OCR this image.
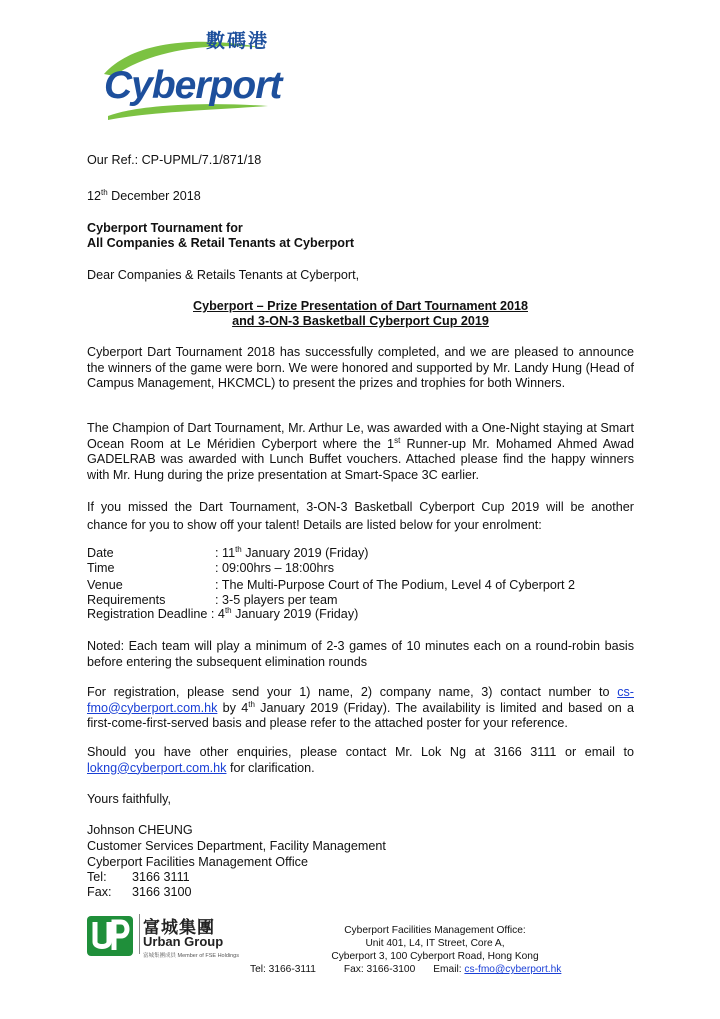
數碼港
Cyberport
Our Ref.: CP-UPML/7.1/871/18
12th December 2018
Cyberport Tournament for
All Companies & Retail Tenants at Cyberport
Dear Companies & Retails Tenants at Cyberport,
Cyberport – Prize Presentation of Dart Tournament 2018
and 3-ON-3 Basketball Cyberport Cup 2019
Cyberport Dart Tournament 2018 has successfully completed, and we are pleased to announce the winners of the game were born. We were honored and supported by Mr. Landy Hung (Head of Campus Management, HKCMCL) to present the prizes and trophies for both Winners.
The Champion of Dart Tournament, Mr. Arthur Le, was awarded with a One-Night staying at Smart Ocean Room at Le Méridien Cyberport where the 1st Runner-up Mr. Mohamed Ahmed Awad GADELRAB was awarded with Lunch Buffet vouchers. Attached please find the happy winners with Mr. Hung during the prize presentation at Smart-Space 3C earlier.
If you missed the Dart Tournament, 3-ON-3 Basketball Cyberport Cup 2019 will be another chance for you to show off your talent! Details are listed below for your enrolment:
Date	: 11th January 2019 (Friday)
Time	: 09:00hrs – 18:00hrs
Venue	: The Multi-Purpose Court of The Podium, Level 4 of Cyberport 2
Requirements	: 3-5 players per team
Registration Deadline : 4th January 2019 (Friday)
Noted: Each team will play a minimum of 2-3 games of 10 minutes each on a round-robin basis before entering the subsequent elimination rounds
For registration, please send your 1) name, 2) company name, 3) contact number to cs-fmo@cyberport.com.hk by 4th January 2019 (Friday). The availability is limited and based on a first-come-first-served basis and please refer to the attached poster for your reference.
Should you have other enquiries, please contact Mr. Lok Ng at 3166 3111 or email to lokng@cyberport.com.hk for clarification.
Yours faithfully,
Johnson CHEUNG
Customer Services Department, Facility Management
Cyberport Facilities Management Office
Tel: 3166 3111
Fax: 3166 3100
富城集團
Urban Group
富城集團成員 Member of FSE Holdings
Cyberport Facilities Management Office:
Unit 401, L4, IT Street, Core A,
Cyberport 3, 100 Cyberport Road, Hong Kong
Tel: 3166-3111	Fax: 3166-3100 Email: cs-fmo@cyberport.hk
